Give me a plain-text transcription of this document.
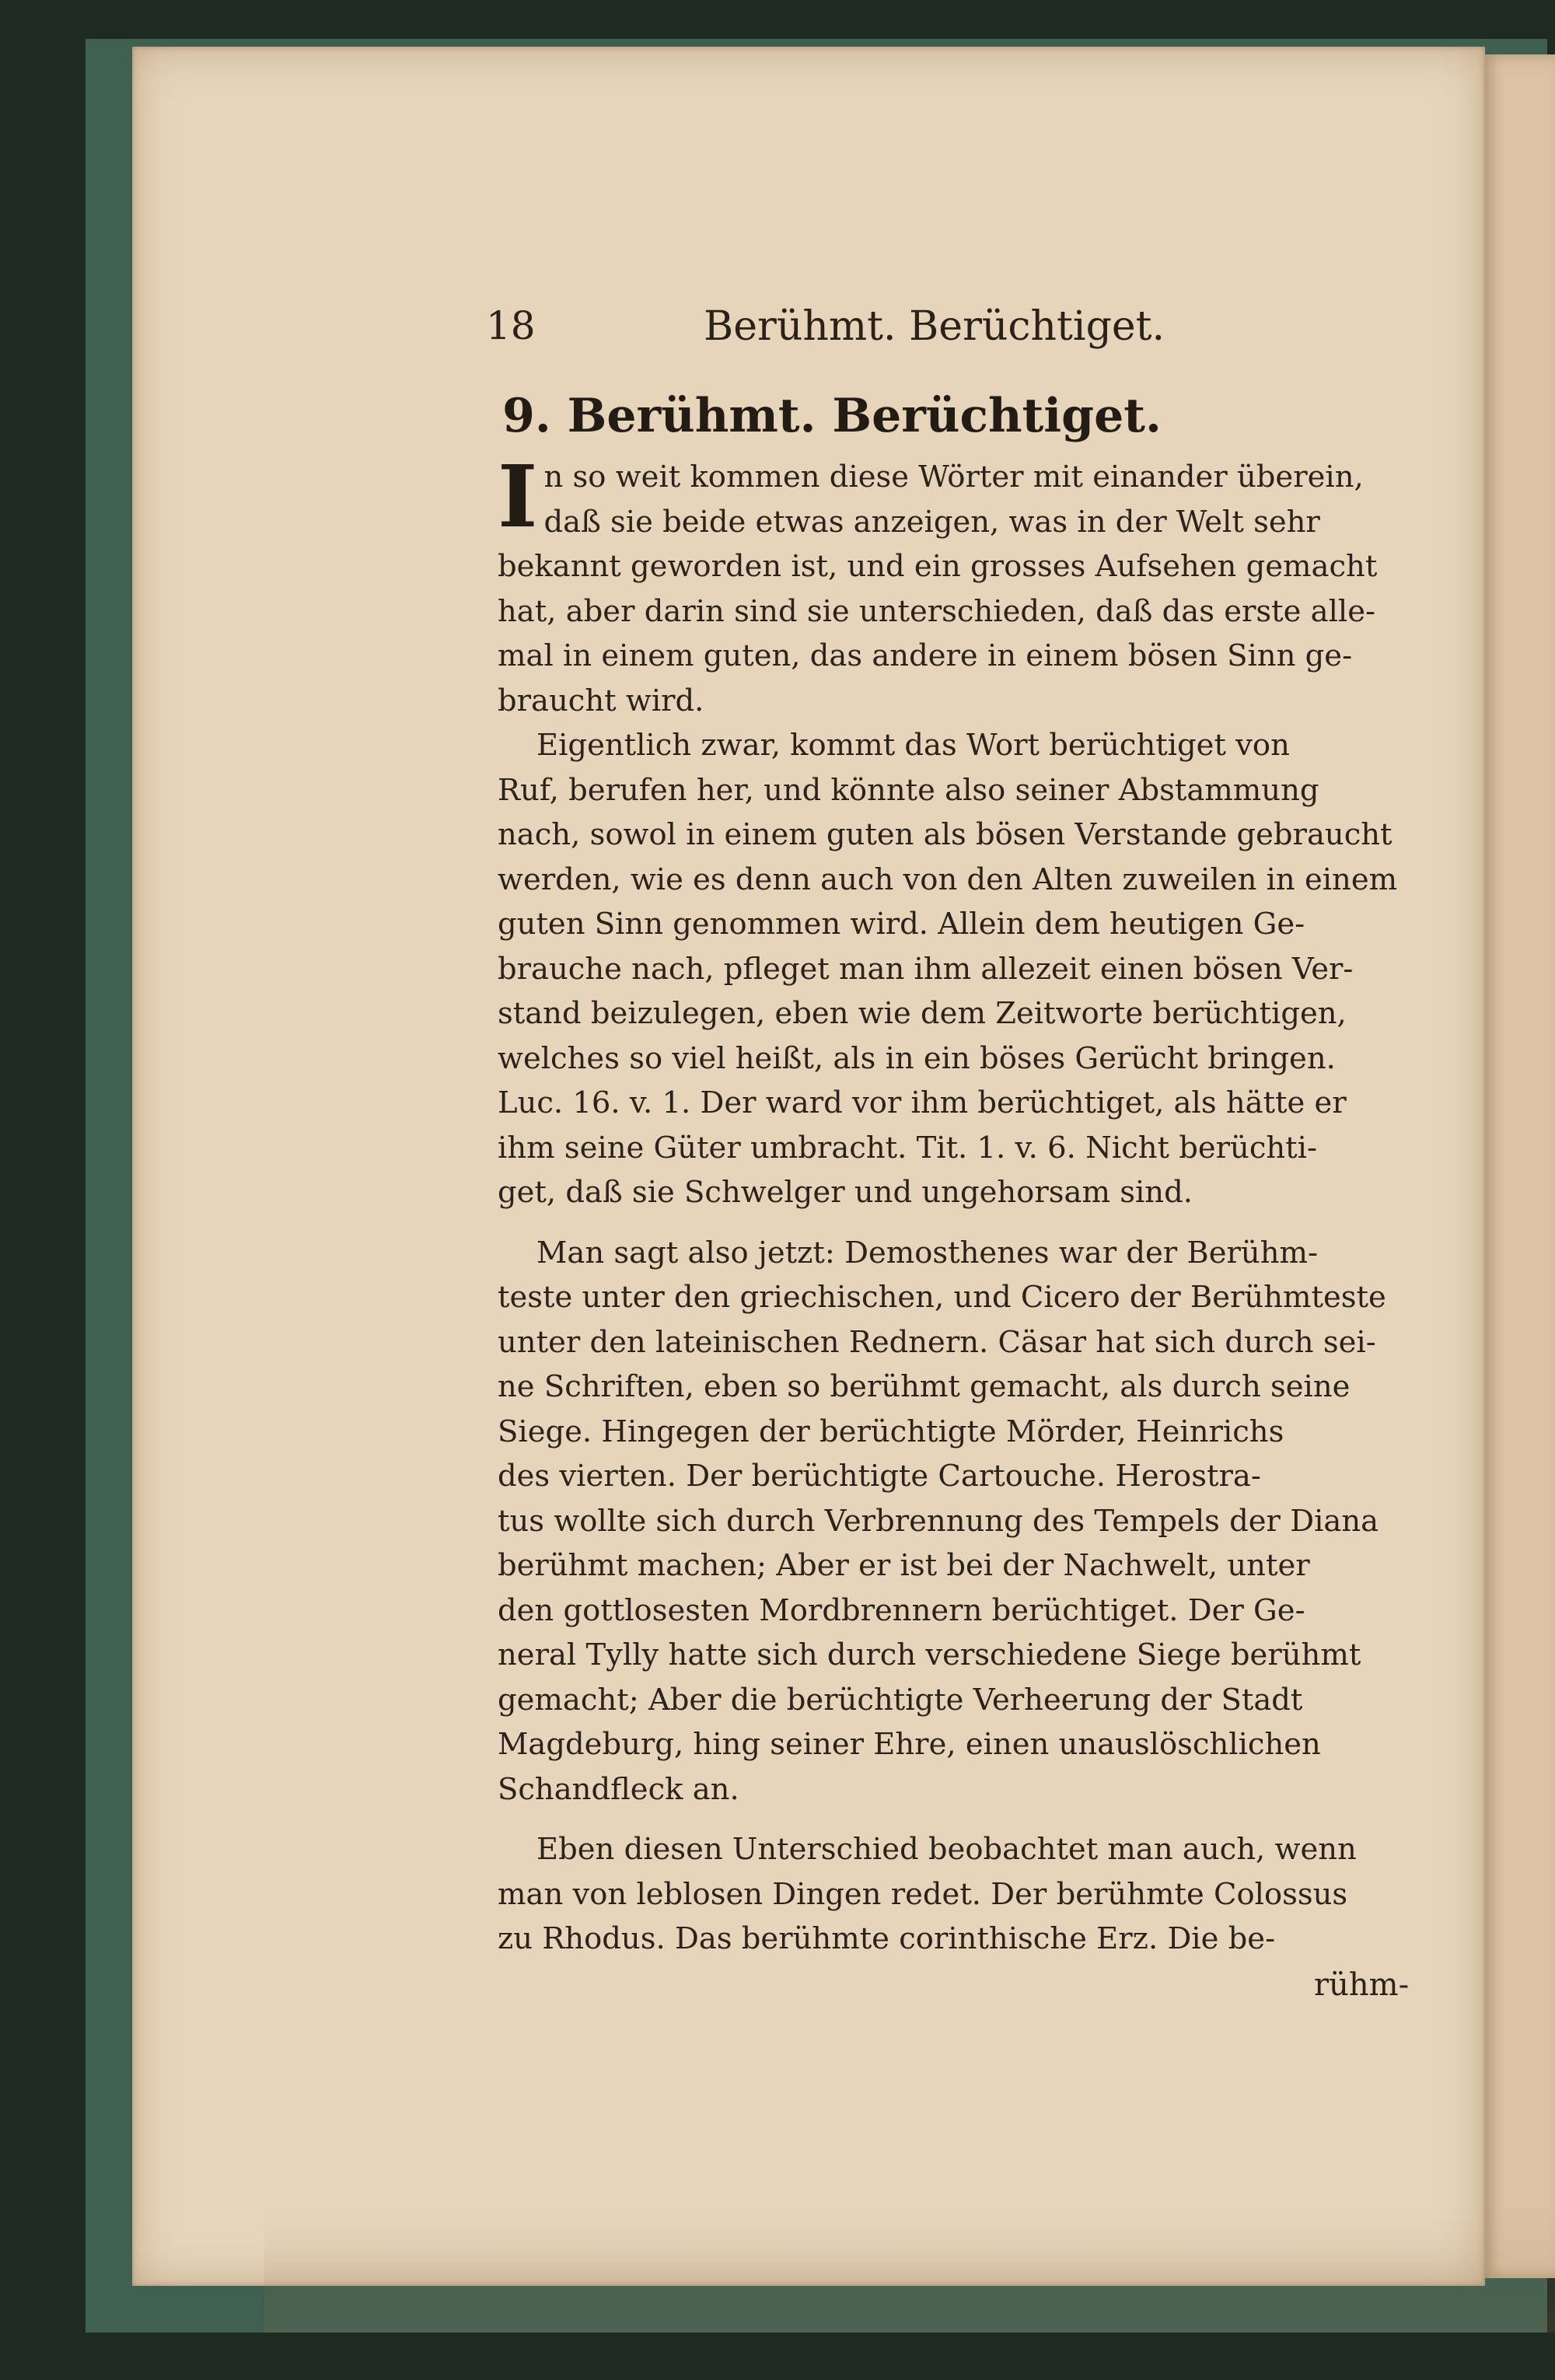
18	Berühmt. Berüchtiget.
9. Berühmt. Berüchtiget.
I n so weit kommen diese Wörter mit einander überein,
daß sie beide etwas anzeigen, was in der Welt sehr
bekannt geworden ist, und ein grosses Aufsehen gemacht
hat, aber darin sind sie unterschieden, daß das erste alle-
mal in einem guten, das andere in einem bösen Sinn ge-
braucht wird.
Eigentlich zwar, kommt das Wort berüchtiget von
Ruf, berufen her, und könnte also seiner Abstammung
nach, sowol in einem guten als bösen Verstande gebraucht
werden, wie es denn auch von den Alten zuweilen in einem
guten Sinn genommen wird. Allein dem heutigen Ge-
brauche nach, pfleget man ihm allezeit einen bösen Ver-
stand beizulegen, eben wie dem Zeitworte berüchtigen,
welches so viel heißt, als in ein böses Gerücht bringen.
Luc. 16. v. 1. Der ward vor ihm berüchtiget, als hätte er
ihm seine Güter umbracht. Tit. 1. v. 6. Nicht berüchti-
get, daß sie Schwelger und ungehorsam sind.
Man sagt also jetzt: Demosthenes war der Berühm-
teste unter den griechischen, und Cicero der Berühmteste
unter den lateinischen Rednern. Cäsar hat sich durch sei-
ne Schriften, eben so berühmt gemacht, als durch seine
Siege. Hingegen der berüchtigte Mörder, Heinrichs
des vierten. Der berüchtigte Cartouche. Herostra-
tus wollte sich durch Verbrennung des Tempels der Diana
berühmt machen; Aber er ist bei der Nachwelt, unter
den gottlosesten Mordbrennern berüchtiget. Der Ge-
neral Tylly hatte sich durch verschiedene Siege berühmt
gemacht; Aber die berüchtigte Verheerung der Stadt
Magdeburg, hing seiner Ehre, einen unauslöschlichen
Schandfleck an.
Eben diesen Unterschied beobachtet man auch, wenn
man von leblosen Dingen redet. Der berühmte Colossus
zu Rhodus. Das berühmte corinthische Erz. Die be-
rühm-
